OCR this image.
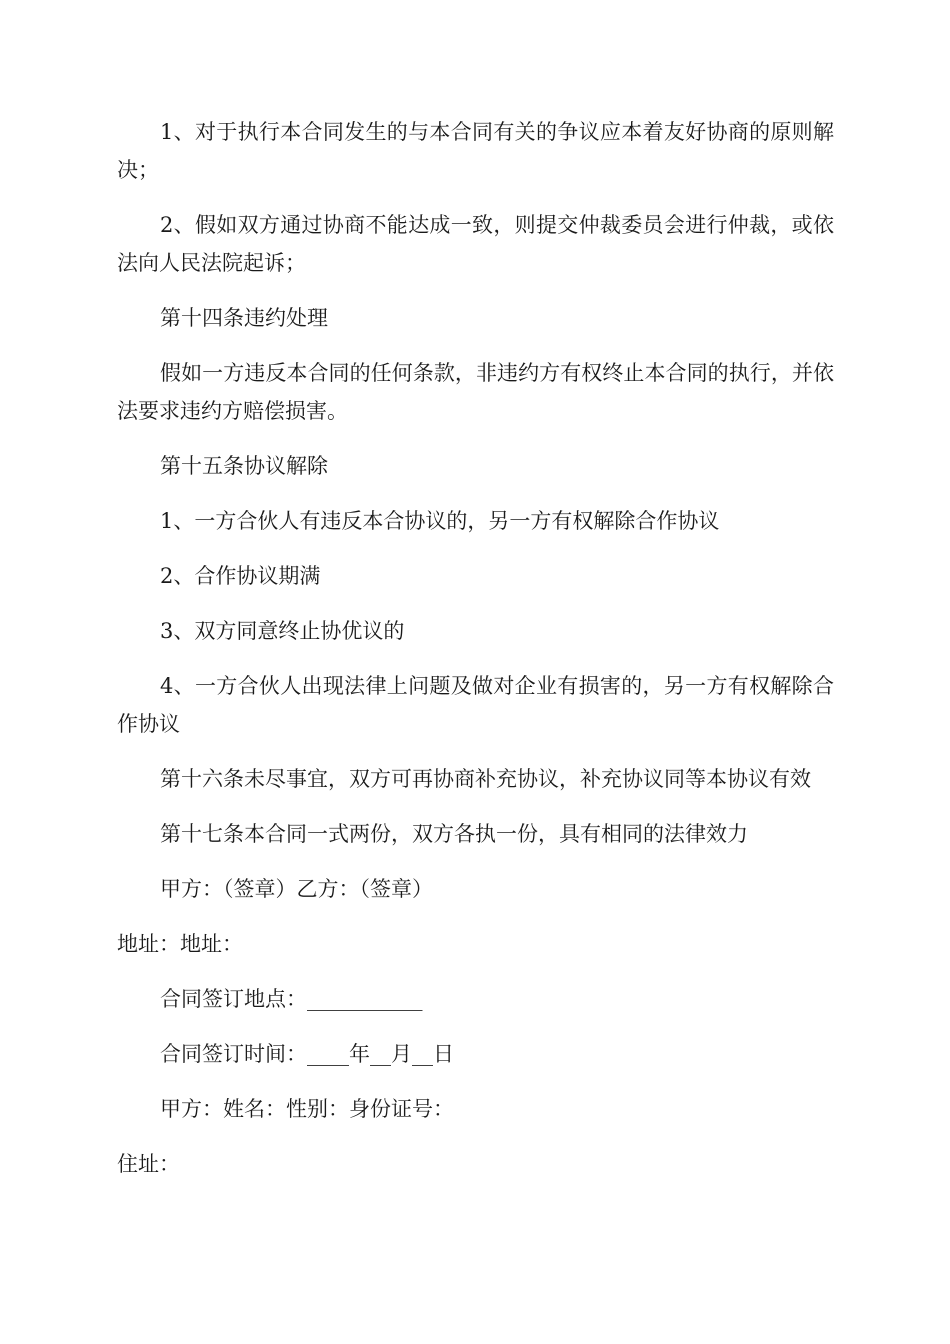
1、对于执行本合同发生的与本合同有关的争议应本着友好协商的原则解决；

2、假如双方通过协商不能达成一致，则提交仲裁委员会进行仲裁，或依法向人民法院起诉；

第十四条违约处理

假如一方违反本合同的任何条款，非违约方有权终止本合同的执行，并依法要求违约方赔偿损害。

第十五条协议解除

1、一方合伙人有违反本合协议的，另一方有权解除合作协议

2、合作协议期满

3、双方同意终止协优议的

4、一方合伙人出现法律上问题及做对企业有损害的，另一方有权解除合作协议

第十六条未尽事宜，双方可再协商补充协议，补充协议同等本协议有效

第十七条本合同一式两份，双方各执一份，具有相同的法律效力

甲方：（签章）乙方：（签章）

地址：地址：

合同签订地点：___________

合同签订时间：____年__月__日

甲方：姓名：性别：身份证号：

住址：
